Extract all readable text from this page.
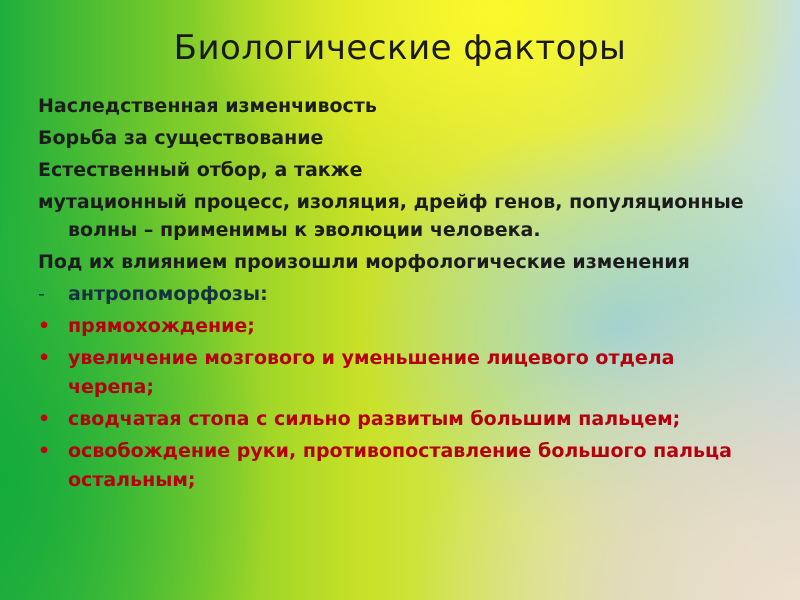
Биологические факторы
Наследственная изменчивость
Борьба за существование
Естественный отбор, а также
мутационный процесс, изоляция, дрейф генов, популяционные волны – применимы к эволюции человека.
Под их влиянием произошли морфологические изменения
-	антропоморфозы:
• прямохождение;
• увеличение мозгового и уменьшение лицевого отдела черепа;
• сводчатая стопа с сильно развитым большим пальцем;
• освобождение руки, противопоставление большого пальца остальным;
